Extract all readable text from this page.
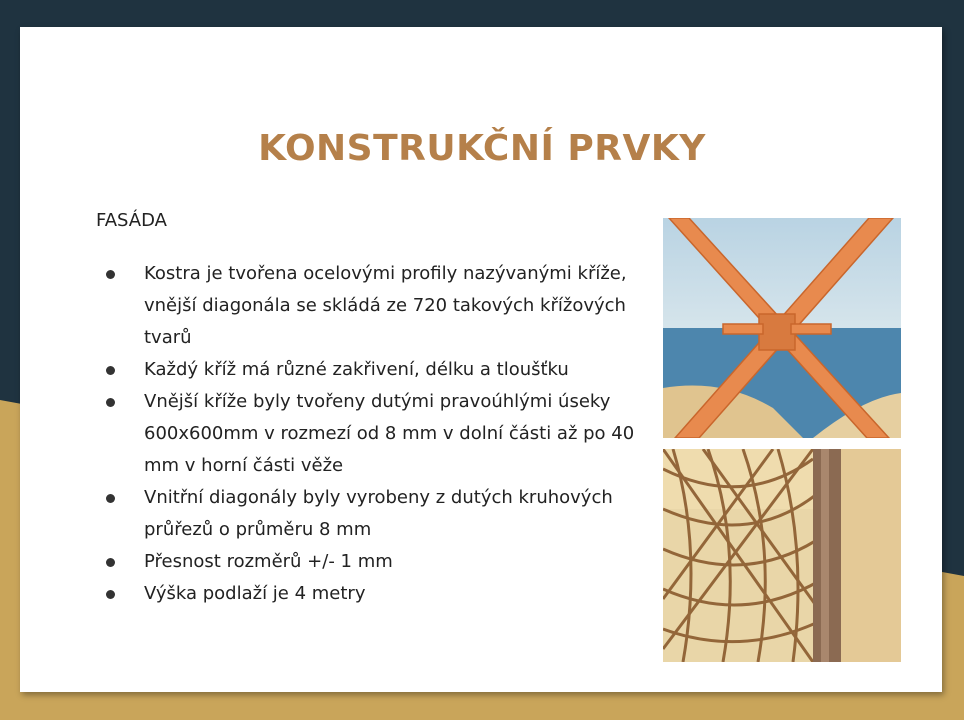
KONSTRUKČNÍ PRVKY
FASÁDA
Kostra je tvořena ocelovými profily nazývanými kříže, vnější diagonála se skládá ze 720 takových křížových tvarů
Každý kříž má různé zakřivení, délku a tloušťku
Vnější kříže byly tvořeny dutými pravoúhlými úseky 600x600mm v rozmezí od 8 mm v dolní části až po 40 mm v horní části věže
Vnitřní diagonály byly vyrobeny z dutých kruhových průřezů o průměru 8 mm
Přesnost rozměrů +/- 1 mm
Výška podlaží je 4 metry
